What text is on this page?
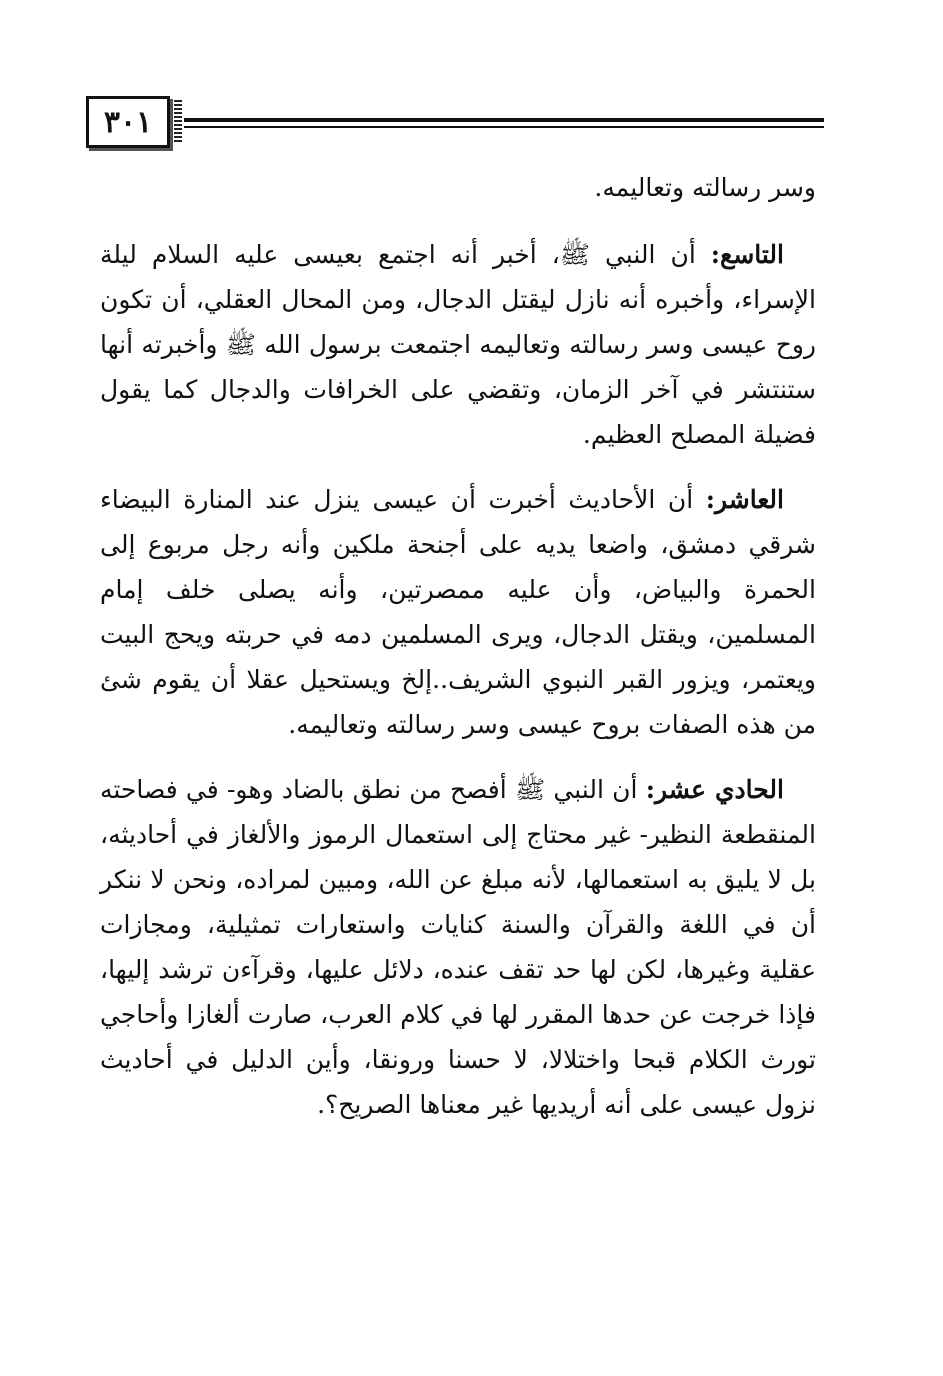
٣٠١

وسر رسالته وتعاليمه.

التاسع: أن النبي ﷺ، أخبر أنه اجتمع بعيسى عليه السلام ليلة الإسراء، وأخبره أنه نازل ليقتل الدجال، ومن المحال العقلي، أن تكون روح عيسى وسر رسالته وتعاليمه اجتمعت برسول الله ﷺ وأخبرته أنها ستنتشر في آخر الزمان، وتقضي على الخرافات والدجال كما يقول فضيلة المصلح العظيم.

العاشر: أن الأحاديث أخبرت أن عيسى ينزل عند المنارة البيضاء شرقي دمشق، واضعا يديه على أجنحة ملكين وأنه رجل مربوع إلى الحمرة والبياض، وأن عليه ممصرتين، وأنه يصلى خلف إمام المسلمين، ويقتل الدجال، ويرى المسلمين دمه في حربته ويحج البيت ويعتمر، ويزور القبر النبوي الشريف..إلخ ويستحيل عقلا أن يقوم شئ من هذه الصفات بروح عيسى وسر رسالته وتعاليمه.

الحادي عشر: أن النبي ﷺ أفصح من نطق بالضاد وهو- في فصاحته المنقطعة النظير- غير محتاج إلى استعمال الرموز والألغاز في أحاديثه، بل لا يليق به استعمالها، لأنه مبلغ عن الله، ومبين لمراده، ونحن لا ننكر أن في اللغة والقرآن والسنة كنايات واستعارات تمثيلية، ومجازات عقلية وغيرها، لكن لها حد تقف عنده، دلائل عليها، وقرآءن ترشد إليها، فإذا خرجت عن حدها المقرر لها في كلام العرب، صارت ألغازا وأحاجي تورث الكلام قبحا واختلالا، لا حسنا ورونقا، وأين الدليل في أحاديث نزول عيسى على أنه أريديها غير معناها الصريح؟.
